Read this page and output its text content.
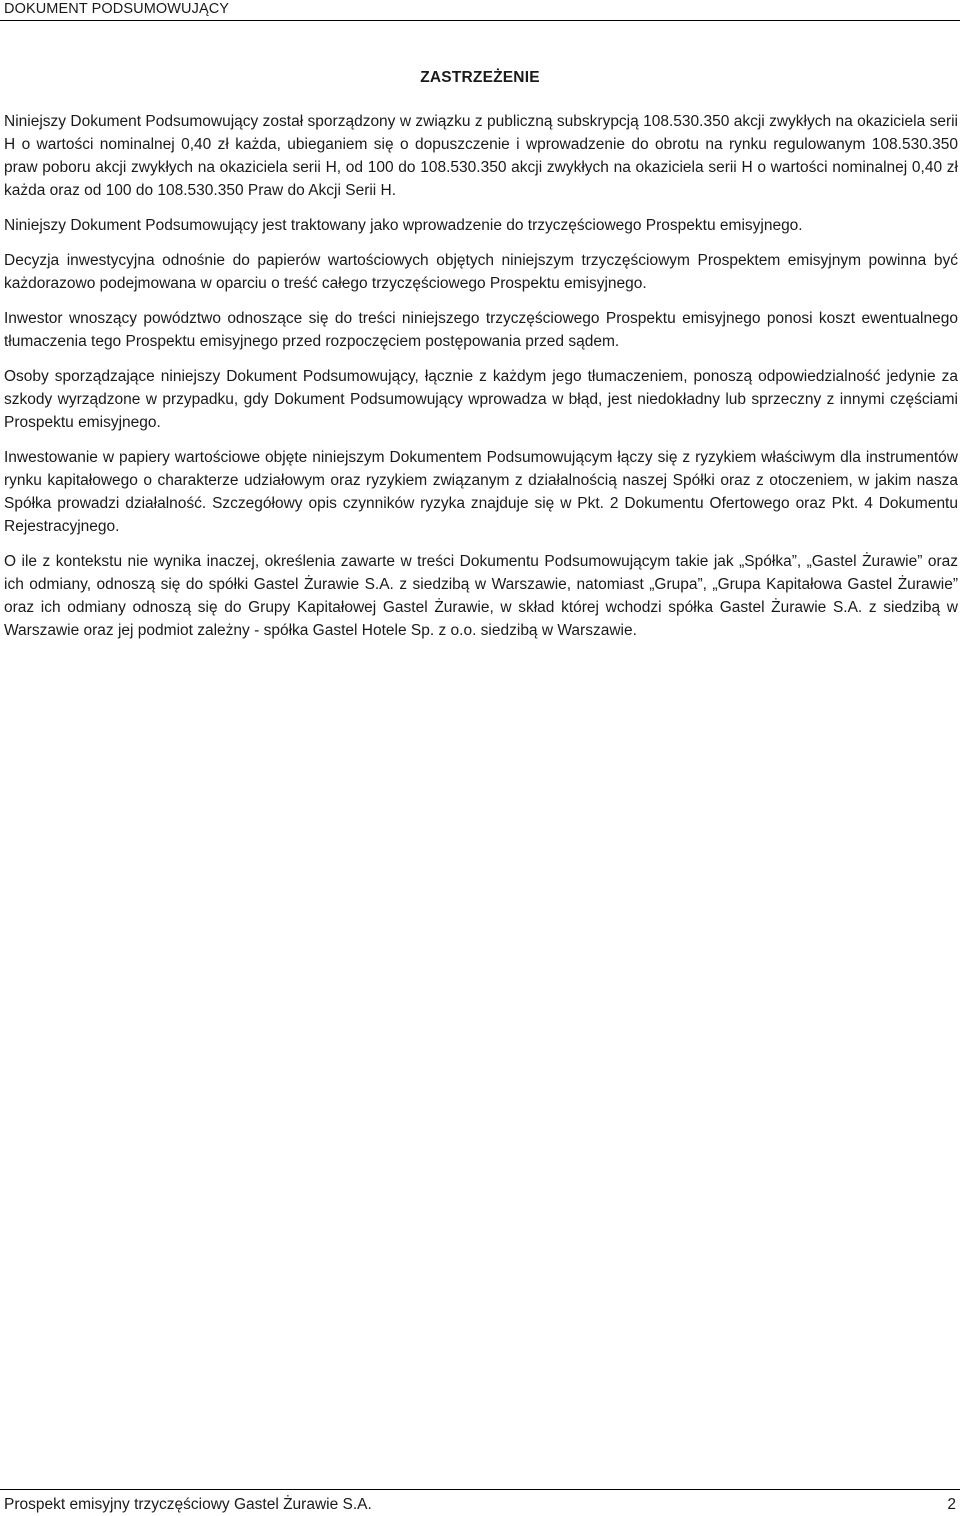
DOKUMENT PODSUMOWUJĄCY
ZASTRZEŻENIE

Niniejszy Dokument Podsumowujący został sporządzony w związku z publiczną subskrypcją 108.530.350 akcji zwykłych na okaziciela serii H o wartości nominalnej 0,40 zł każda, ubieganiem się o dopuszczenie i wprowadzenie do obrotu na rynku regulowanym 108.530.350 praw poboru akcji zwykłych na okaziciela serii H, od 100 do 108.530.350 akcji zwykłych na okaziciela serii H o wartości nominalnej 0,40 zł każda oraz od 100 do 108.530.350 Praw do Akcji Serii H.

Niniejszy Dokument Podsumowujący jest traktowany jako wprowadzenie do trzyczęściowego Prospektu emisyjnego.

Decyzja inwestycyjna odnośnie do papierów wartościowych objętych niniejszym trzyczęściowym Prospektem emisyjnym powinna być każdorazowo podejmowana w oparciu o treść całego trzyczęściowego Prospektu emisyjnego.

Inwestor wnoszący powództwo odnoszące się do treści niniejszego trzyczęściowego Prospektu emisyjnego ponosi koszt ewentualnego tłumaczenia tego Prospektu emisyjnego przed rozpoczęciem postępowania przed sądem.

Osoby sporządzające niniejszy Dokument Podsumowujący, łącznie z każdym jego tłumaczeniem, ponoszą odpowiedzialność jedynie za szkody wyrządzone w przypadku, gdy Dokument Podsumowujący wprowadza w błąd, jest niedokładny lub sprzeczny z innymi częściami Prospektu emisyjnego.

Inwestowanie w papiery wartościowe objęte niniejszym Dokumentem Podsumowującym łączy się z ryzykiem właściwym dla instrumentów rynku kapitałowego o charakterze udziałowym oraz ryzykiem związanym z działalnością naszej Spółki oraz z otoczeniem, w jakim nasza Spółka prowadzi działalność. Szczegółowy opis czynników ryzyka znajduje się w Pkt. 2 Dokumentu Ofertowego oraz Pkt. 4 Dokumentu Rejestracyjnego.

O ile z kontekstu nie wynika inaczej, określenia zawarte w treści Dokumentu Podsumowującym takie jak „Spółka”, „Gastel Żurawie” oraz ich odmiany, odnoszą się do spółki Gastel Żurawie S.A. z siedzibą w Warszawie, natomiast „Grupa”, „Grupa Kapitałowa Gastel Żurawie” oraz ich odmiany odnoszą się do Grupy Kapitałowej Gastel Żurawie, w skład której wchodzi spółka Gastel Żurawie S.A. z siedzibą w Warszawie oraz jej podmiot zależny - spółka Gastel Hotele Sp. z o.o. siedzibą w Warszawie.

Prospekt emisyjny trzyczęściowy Gastel Żurawie S.A.	2
